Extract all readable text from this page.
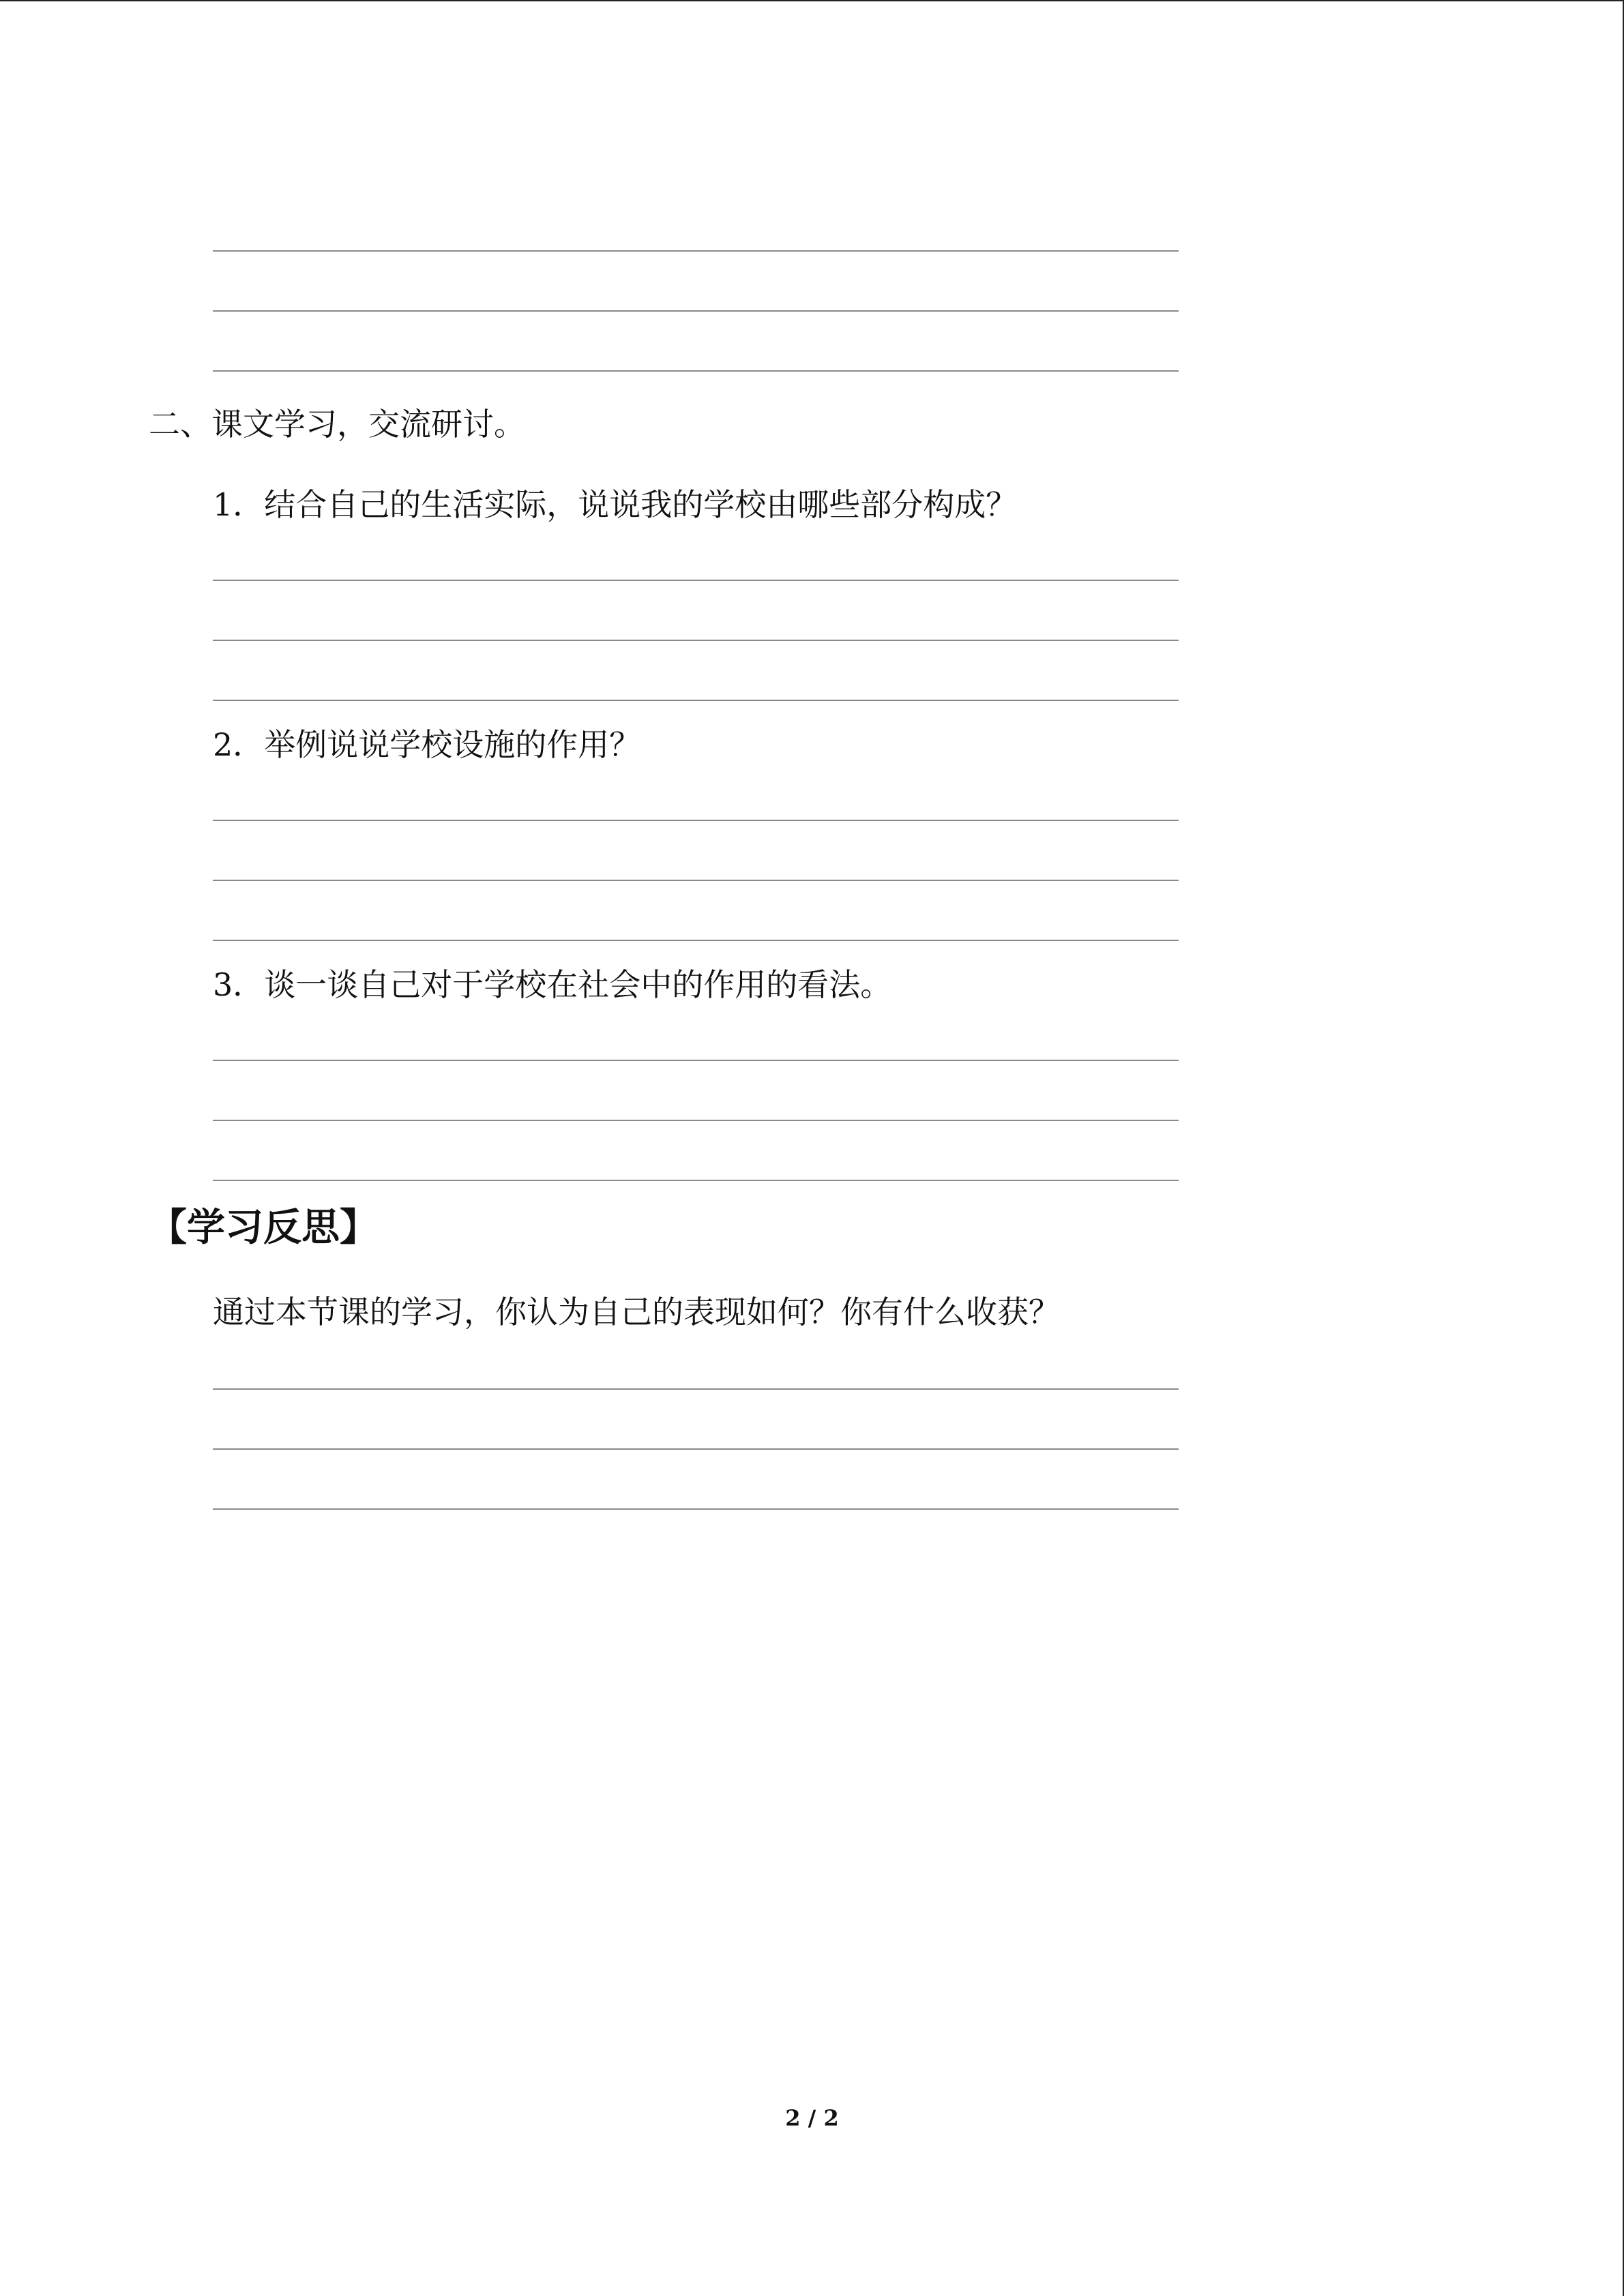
二、课文学习，交流研讨。
1．结合自己的生活实际，说说我的学校由哪些部分构成？
2．举例说说学校设施的作用？
3．谈一谈自己对于学校在社会中的作用的看法。
【学习反思】
通过本节课的学习，你认为自己的表现如何？你有什么收获？
2 / 2
